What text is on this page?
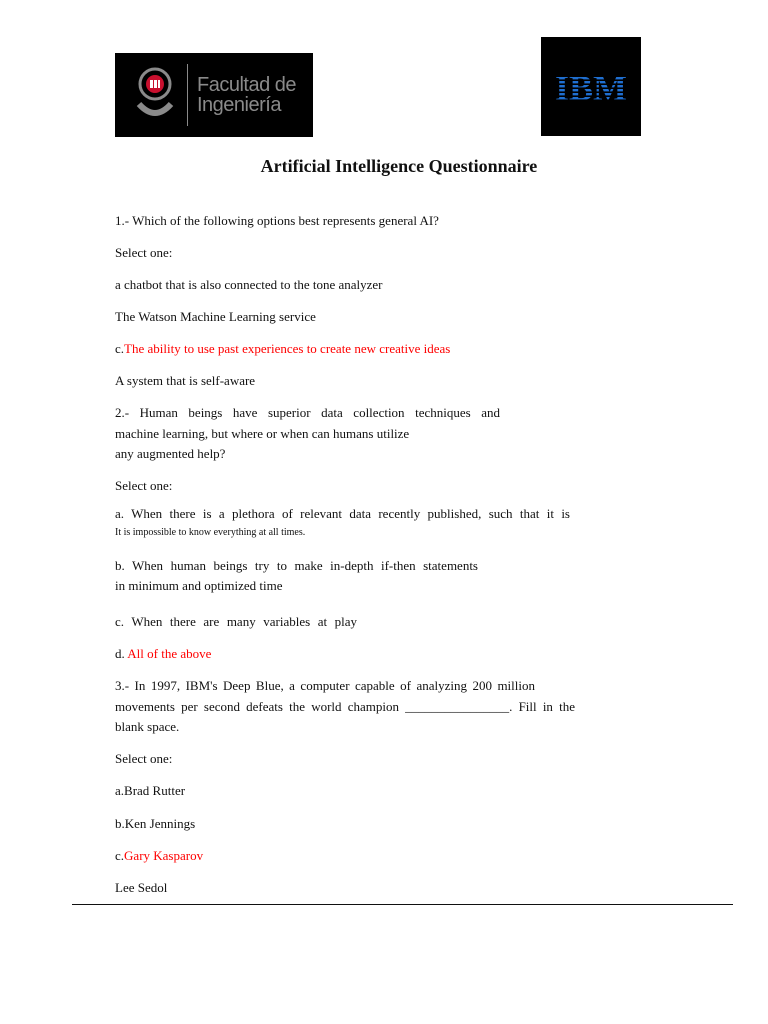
Facultad de
Ingeniería	IBM
Artificial Intelligence Questionnaire
1.- Which of the following options best represents general AI?
Select one:
a chatbot that is also connected to the tone analyzer
The Watson Machine Learning service
c.The ability to use past experiences to create new creative ideas
A system that is self-aware
2.- Human beings have superior data collection techniques and
machine learning, but where or when can humans utilize
any augmented help?
Select one:
a. When there is a plethora of relevant data recently published, such that it is
It is impossible to know everything at all times.
b. When human beings try to make in-depth if-then statements
in minimum and optimized time
c. When there are many variables at play
d. All of the above
3.- In 1997, IBM's Deep Blue, a computer capable of analyzing 200 million
movements per second defeats the world champion ________________. Fill in the
blank space.
Select one:
a.Brad Rutter
b.Ken Jennings
c.Gary Kasparov
Lee Sedol
